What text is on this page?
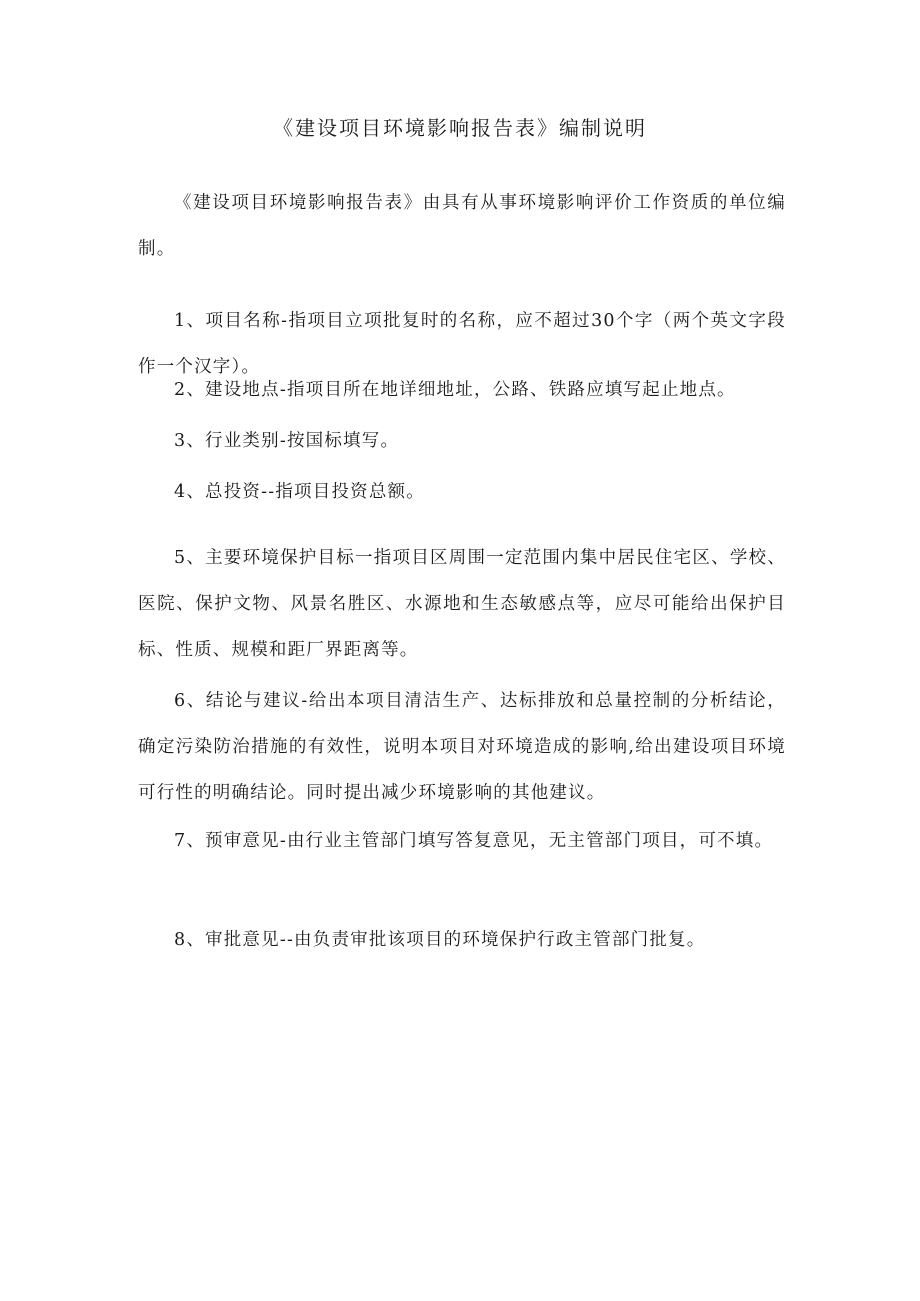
《建设项目环境影响报告表》编制说明

《建设项目环境影响报告表》由具有从事环境影响评价工作资质的单位编制。

1、项目名称-指项目立项批复时的名称，应不超过30个字（两个英文字段作一个汉字）。

2、建设地点-指项目所在地详细地址，公路、铁路应填写起止地点。

3、行业类别-按国标填写。

4、总投资--指项目投资总额。

5、主要环境保护目标一指项目区周围一定范围内集中居民住宅区、学校、医院、保护文物、风景名胜区、水源地和生态敏感点等，应尽可能给出保护目标、性质、规模和距厂界距离等。

6、结论与建议-给出本项目清洁生产、达标排放和总量控制的分析结论，确定污染防治措施的有效性，说明本项目对环境造成的影响,给出建设项目环境可行性的明确结论。同时提出减少环境影响的其他建议。

7、预审意见-由行业主管部门填写答复意见，无主管部门项目，可不填。

8、审批意见--由负责审批该项目的环境保护行政主管部门批复。
